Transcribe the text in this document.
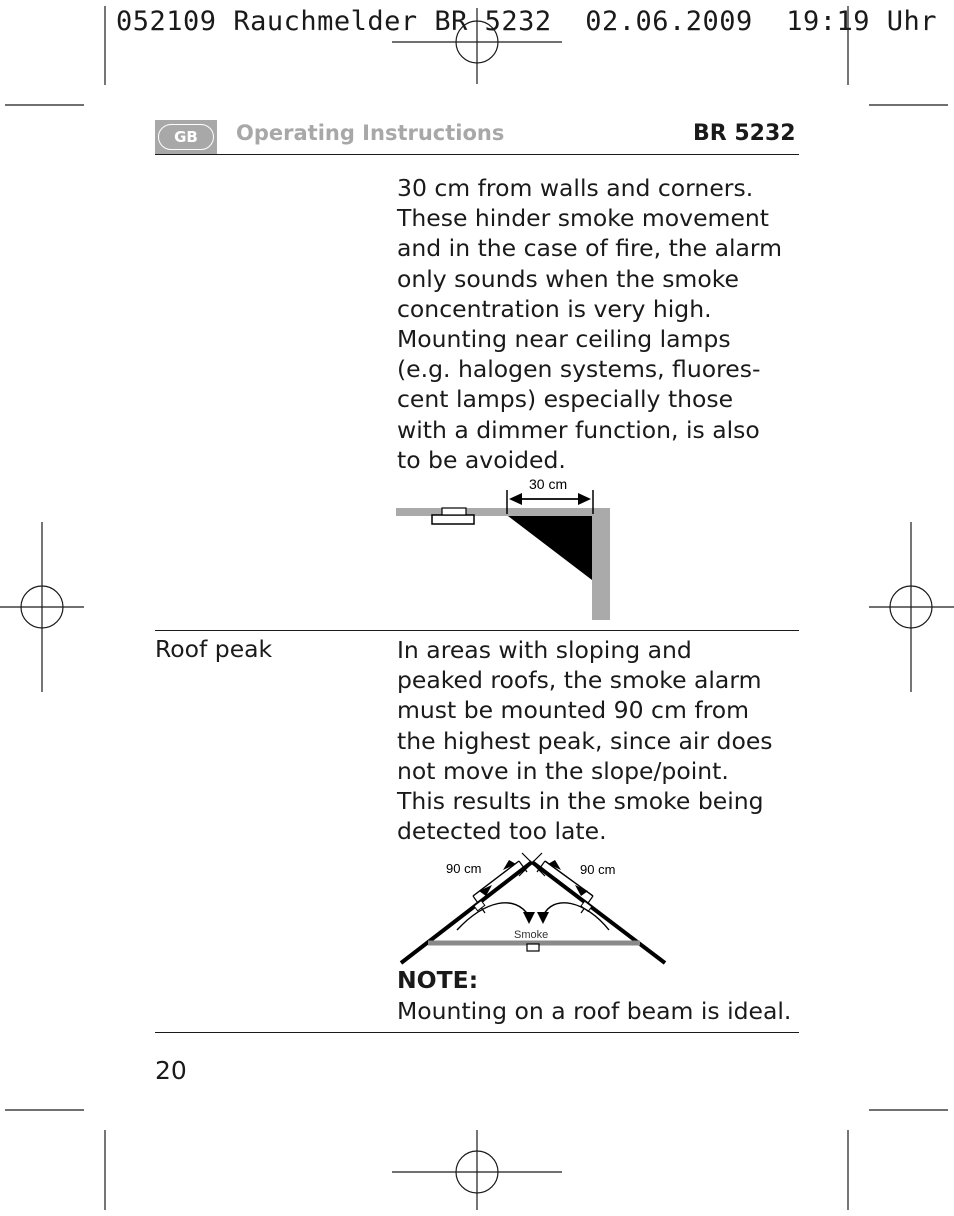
052109 Rauchmelder BR 5232 02.06.2009 19:19 Uhr
GB	Operating Instructions	BR 5232
30 cm from walls and corners.
These hinder smoke movement
and in the case of fire, the alarm
only sounds when the smoke
concentration is very high.
Mounting near ceiling lamps
(e.g. halogen systems, fluores-
cent lamps) especially those
with a dimmer function, is also
to be avoided.
30 cm
Roof peak	In areas with sloping and
peaked roofs, the smoke alarm
must be mounted 90 cm from
the highest peak, since air does
not move in the slope/point.
This results in the smoke being
detected too late.
90 cm	90 cm
Smoke
NOTE:
Mounting on a roof beam is ideal.
20
